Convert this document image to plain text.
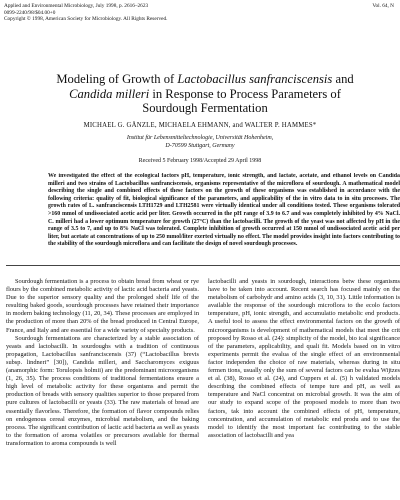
Applied and Environmental Microbiology, July 1998, p. 2616–2623
0099-2240/98/$04.00+0
Copyright © 1998, American Society for Microbiology. All Rights Reserved.
Vol. 64, N
Modeling of Growth of Lactobacillus sanfranciscensis and
Candida milleri in Response to Process Parameters of
Sourdough Fermentation
MICHAEL G. GÄNZLE, MICHAELA EHMANN, and WALTER P. HAMMES*
Institut für Lebensmitteltechnologie, Universität Hohenheim,
D-70599 Stuttgart, Germany
Received 5 February 1998/Accepted 29 April 1998
We investigated the effect of the ecological factors pH, temperature, ionic strength, and lactate, acetate, and ethanol levels on Candida milleri and two strains of Lactobacillus sanfranciscensis, organisms representative of the microflora of sourdough. A mathematical model describing the single and combined effects of these factors on the growth of these organisms was established in accordance with the following criteria: quality of fit, biological significance of the parameters, and applicability of the in vitro data to in situ processes. The growth rates of L. sanfranciscensis LTH1729 and LTH2581 were virtually identical under all conditions tested. These organisms tolerated >160 mmol of undissociated acetic acid per liter. Growth occurred in the pH range of 3.9 to 6.7 and was completely inhibited by 4% NaCl. C. milleri had a lower optimum temperature for growth (27°C) than the lactobacilli. The growth of the yeast was not affected by pH in the range of 3.5 to 7, and up to 8% NaCl was tolerated. Complete inhibition of growth occurred at 150 mmol of undissociated acetic acid per liter, but acetate at concentrations of up to 250 mmol/liter exerted virtually no effect. The model provides insight into factors contributing to the stability of the sourdough microflora and can facilitate the design of novel sourdough processes.

Sourdough fermentation is a process to obtain bread from wheat or rye flours by the combined metabolic activity of lactic acid bacteria and yeasts. Due to the superior sensory quality and the prolonged shelf life of the resulting baked goods, sourdough processes have retained their importance in modern baking technology (11, 20, 34). These processes are employed in the production of more than 20% of the bread produced in Central Europe, France, and Italy and are essential for a wide variety of specialty products.

Sourdough fermentations are characterized by a stable association of yeasts and lactobacilli. In sourdoughs with a tradition of continuous propagation, Lactobacillus sanfranciscensis (37) (“Lactobacillus brevis subsp. lindneri” [30]), Candida milleri, and Saccharomyces exiguus (anamorphic form: Torulopsis holmii) are the predominant microorganisms (1, 26, 35). The process conditions of traditional fermentations ensure a high level of metabolic activity for these organisms and permit the production of breads with sensory qualities superior to those prepared from pure cultures of lactobacilli or yeasts (33). The raw materials of bread are essentially flavorless. Therefore, the formation of flavor compounds relies on endogenous cereal enzymes, microbial metabolism, and the baking process. The significant contribution of lactic acid bacteria as well as yeasts to the formation of aroma volatiles or precursors available for thermal transformation to aroma compounds is well

lactobacilli and yeasts in sourdough, interactions betw these organisms have to be taken into account. Recent search has focused mainly on the metabolism of carbohydr and amino acids (3, 10, 31). Little information is available the response of the sourdough microflora to the ecolo factors temperature, pH, ionic strength, and accumulatio metabolic end products. A useful tool to assess the effect environmental factors on the growth of microorganisms is development of mathematical models that meet the crit proposed by Rosso et al. (24): simplicity of the model, bio ical significance of the parameters, applicability, and quali fit. Models based on in vitro experiments permit the evalua of the single effect of an environmental factor independen the choice of raw materials, whereas during in situ fermen tions, usually only the sum of several factors can be evalua Wijtzes et al. (38), Rosso et al. (24), and Cuppers et al. (5) h validated models describing the combined effects of tempe ture and pH, as well as temperature and NaCl concentrat on microbial growth. It was the aim of our study to expand scope of the proposed models to more than two factors, tak into account the combined effects of pH, temperature, concentration, and accumulation of metabolic end produ and to use the model to identify the most important fac contributing to the stable association of lactobacilli and yea
